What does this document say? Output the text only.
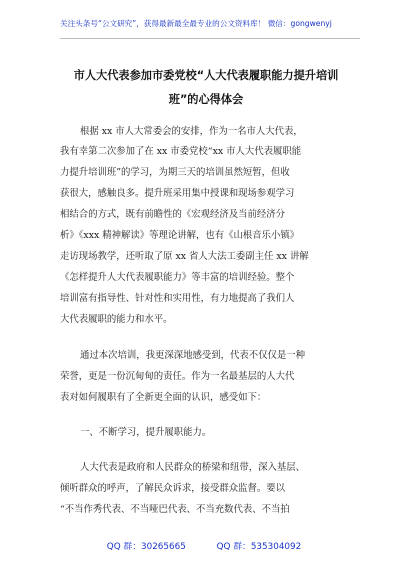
关注头条号“公文研究”，获得最新最全最专业的公文资料库！ 微信：gongwenyj
市人大代表参加市委党校“人大代表履职能力提升培训
班”的心得体会
根据 xx 市人大常委会的安排，作为一名市人大代表，
我有幸第二次参加了在 xx 市委党校“xx 市人大代表履职能
力提升培训班”的学习，为期三天的培训虽然短暂，但收
获很大，感触良多。提升班采用集中授课和现场参观学习
相结合的方式，既有前瞻性的《宏观经济及当前经济分
析》《xxx 精神解读》等理论讲解，也有《山根音乐小镇》
走访现场教学，还听取了原 xx 省人大法工委副主任 xx 讲解
《怎样提升人大代表履职能力》等丰富的培训经验。整个
培训富有指导性、针对性和实用性，有力地提高了我们人
大代表履职的能力和水平。
通过本次培训，我更深深地感受到，代表不仅仅是一种
荣誉，更是一份沉甸甸的责任。作为一名最基层的人大代
表对如何履职有了全新更全面的认识，感受如下：
一、不断学习，提升履职能力。
人大代表是政府和人民群众的桥梁和纽带，深入基层、
倾听群众的呼声，了解民众诉求，接受群众监督。要以
“不当作秀代表、不当哑巴代表、不当充数代表、不当拍
QQ 群：30265665	QQ 群：535304092
